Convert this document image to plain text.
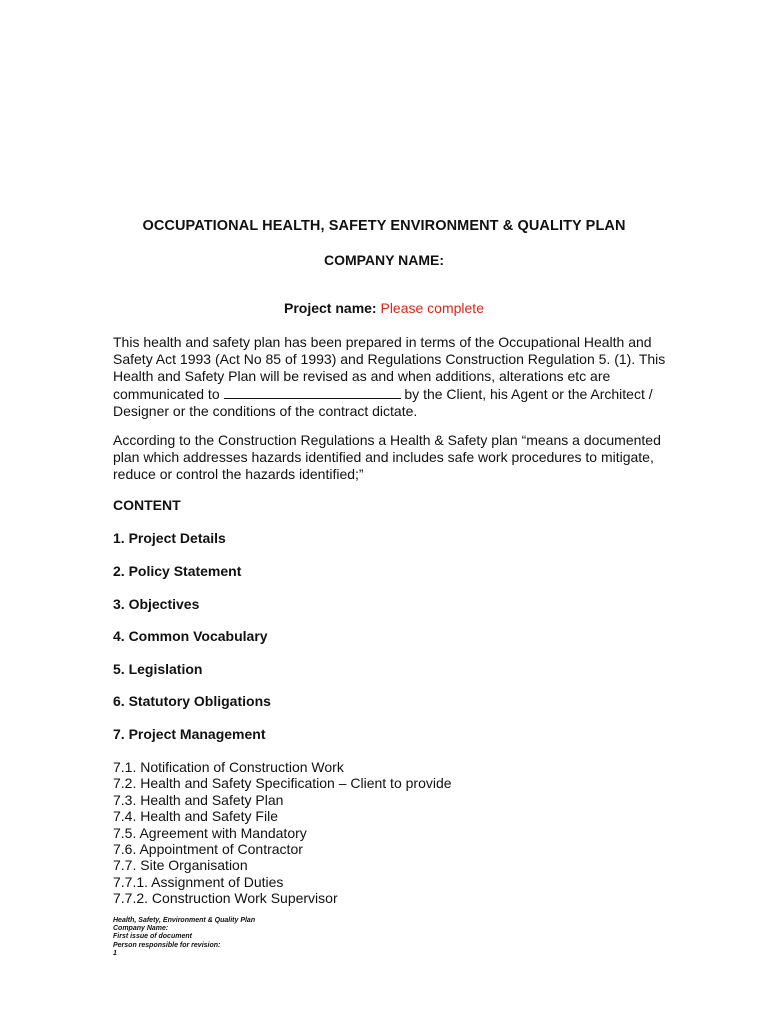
OCCUPATIONAL HEALTH, SAFETY ENVIRONMENT & QUALITY PLAN
COMPANY NAME:
Project name: Please complete
This health and safety plan has been prepared in terms of the Occupational Health and Safety Act 1993 (Act No 85 of 1993) and Regulations Construction Regulation 5. (1). This Health and Safety Plan will be revised as and when additions, alterations etc are communicated to	by the Client, his Agent or the Architect / Designer or the conditions of the contract dictate.
According to the Construction Regulations a Health & Safety plan “means a documented plan which addresses hazards identified and includes safe work procedures to mitigate, reduce or control the hazards identified;”
CONTENT
1. Project Details
2. Policy Statement
3. Objectives
4. Common Vocabulary
5. Legislation
6. Statutory Obligations
7. Project Management
7.1. Notification of Construction Work
7.2. Health and Safety Specification – Client to provide
7.3. Health and Safety Plan
7.4. Health and Safety File
7.5. Agreement with Mandatory
7.6. Appointment of Contractor
7.7. Site Organisation
7.7.1. Assignment of Duties
7.7.2. Construction Work Supervisor
Health, Safety, Environment & Quality Plan
Company Name:
First issue of document
Person responsible for revision:
1
